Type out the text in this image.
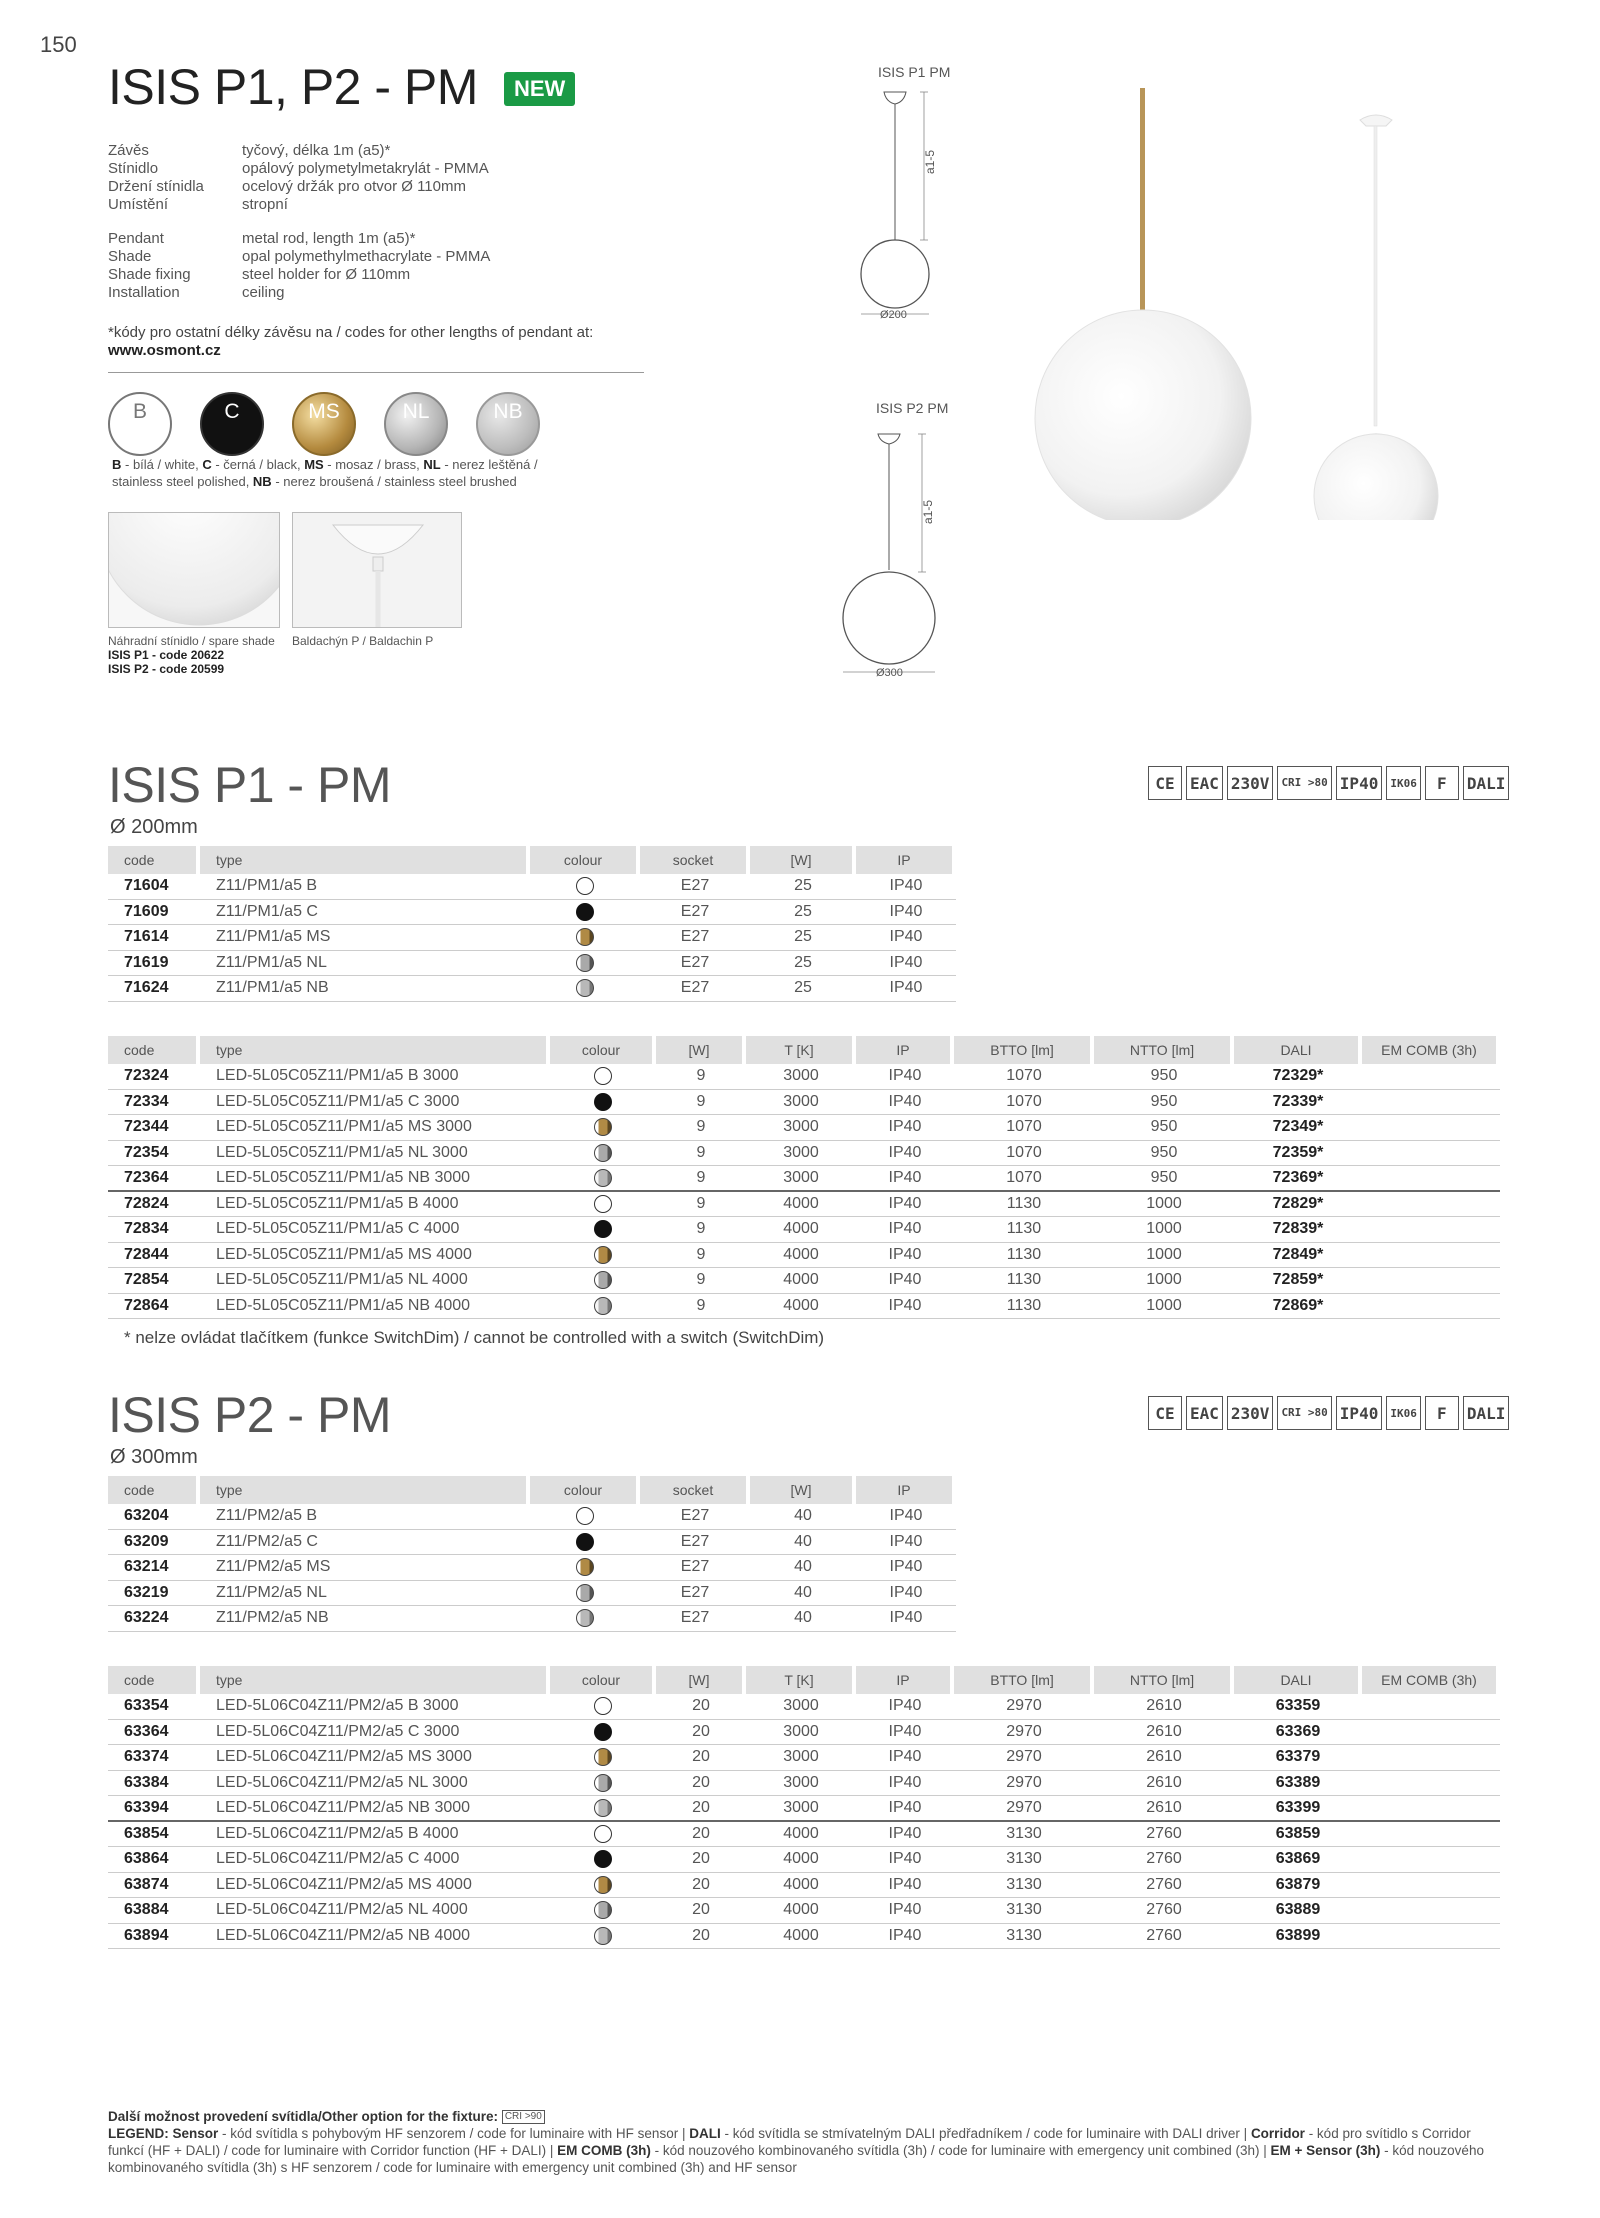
150
ISIS P1, P2 - PM	NEW
Závěs	tyčový, délka 1m (a5)*
Stínidlo	opálový polymetylmetakrylát - PMMA
Držení stínidla	ocelový držák pro otvor Ø 110mm
Umístění	stropní
Pendant	metal rod, length 1m (a5)*
Shade	opal polymethylmethacrylate - PMMA
Shade fixing	steel holder for Ø 110mm
Installation	ceiling
*kódy pro ostatní délky závěsu na / codes for other lengths of pendant at:
www.osmont.cz
B	C	MS	NL	NB
B - bílá / white, C - černá / black, MS - mosaz / brass, NL - nerez leštěná / stainless steel polished, NB - nerez broušená / stainless steel brushed
Náhradní stínidlo / spare shade
ISIS P1 - code 20622
ISIS P2 - code 20599
Baldachýn P / Baldachin P
ISIS P1 PM
a1-5
Ø200
ISIS P2 PM
a1-5
Ø300
ISIS P1 - PM
Ø 200mm
CE EAC 230V	CRI >80 IP40	IK06	F	DALI
code	type	colour	socket	[W]	IP
71604	Z11/PM1/a5 B		E27	25	IP40
71609	Z11/PM1/a5 C		E27	25	IP40
71614	Z11/PM1/a5 MS		E27	25	IP40
71619	Z11/PM1/a5 NL		E27	25	IP40
71624	Z11/PM1/a5 NB		E27	25	IP40
code	type	colour	[W]	T [K]	IP	BTTO [lm]	NTTO [lm]	DALI	EM COMB (3h)
72324	LED-5L05C05Z11/PM1/a5 B 3000		9	3000	IP40	1070	950	72329*	
72334	LED-5L05C05Z11/PM1/a5 C 3000		9	3000	IP40	1070	950	72339*	
72344	LED-5L05C05Z11/PM1/a5 MS 3000		9	3000	IP40	1070	950	72349*	
72354	LED-5L05C05Z11/PM1/a5 NL 3000		9	3000	IP40	1070	950	72359*	
72364	LED-5L05C05Z11/PM1/a5 NB 3000		9	3000	IP40	1070	950	72369*	
72824	LED-5L05C05Z11/PM1/a5 B 4000		9	4000	IP40	1130	1000	72829*	
72834	LED-5L05C05Z11/PM1/a5 C 4000		9	4000	IP40	1130	1000	72839*	
72844	LED-5L05C05Z11/PM1/a5 MS 4000		9	4000	IP40	1130	1000	72849*	
72854	LED-5L05C05Z11/PM1/a5 NL 4000		9	4000	IP40	1130	1000	72859*	
72864	LED-5L05C05Z11/PM1/a5 NB 4000		9	4000	IP40	1130	1000	72869*	
* nelze ovládat tlačítkem (funkce SwitchDim) / cannot be controlled with a switch (SwitchDim)
ISIS P2 - PM
Ø 300mm
CE EAC 230V	CRI >80 IP40	IK06	F	DALI
code	type	colour	socket	[W]	IP
63204	Z11/PM2/a5 B		E27	40	IP40
63209	Z11/PM2/a5 C		E27	40	IP40
63214	Z11/PM2/a5 MS		E27	40	IP40
63219	Z11/PM2/a5 NL		E27	40	IP40
63224	Z11/PM2/a5 NB		E27	40	IP40
code	type	colour	[W]	T [K]	IP	BTTO [lm]	NTTO [lm]	DALI	EM COMB (3h)
63354	LED-5L06C04Z11/PM2/a5 B 3000		20	3000	IP40	2970	2610	63359	
63364	LED-5L06C04Z11/PM2/a5 C 3000		20	3000	IP40	2970	2610	63369	
63374	LED-5L06C04Z11/PM2/a5 MS 3000		20	3000	IP40	2970	2610	63379	
63384	LED-5L06C04Z11/PM2/a5 NL 3000		20	3000	IP40	2970	2610	63389	
63394	LED-5L06C04Z11/PM2/a5 NB 3000		20	3000	IP40	2970	2610	63399	
63854	LED-5L06C04Z11/PM2/a5 B 4000		20	4000	IP40	3130	2760	63859	
63864	LED-5L06C04Z11/PM2/a5 C 4000		20	4000	IP40	3130	2760	63869	
63874	LED-5L06C04Z11/PM2/a5 MS 4000		20	4000	IP40	3130	2760	63879	
63884	LED-5L06C04Z11/PM2/a5 NL 4000		20	4000	IP40	3130	2760	63889	
63894	LED-5L06C04Z11/PM2/a5 NB 4000		20	4000	IP40	3130	2760	63899	
Další možnost provedení svítidla/Other option for the fixture: CRI >90
LEGEND: Sensor - kód svítidla s pohybovým HF senzorem / code for luminaire with HF sensor | DALI - kód svítidla se stmívatelným DALI předřadníkem / code for luminaire with DALI driver | Corridor - kód pro svítidlo s Corridor funkcí (HF + DALI) / code for luminaire with Corridor function (HF + DALI) | EM COMB (3h) - kód nouzového kombinovaného svítidla (3h) / code for luminaire with emergency unit combined (3h) | EM + Sensor (3h) - kód nouzového kombinovaného svítidla (3h) s HF senzorem / code for luminaire with emergency unit combined (3h) and HF sensor
